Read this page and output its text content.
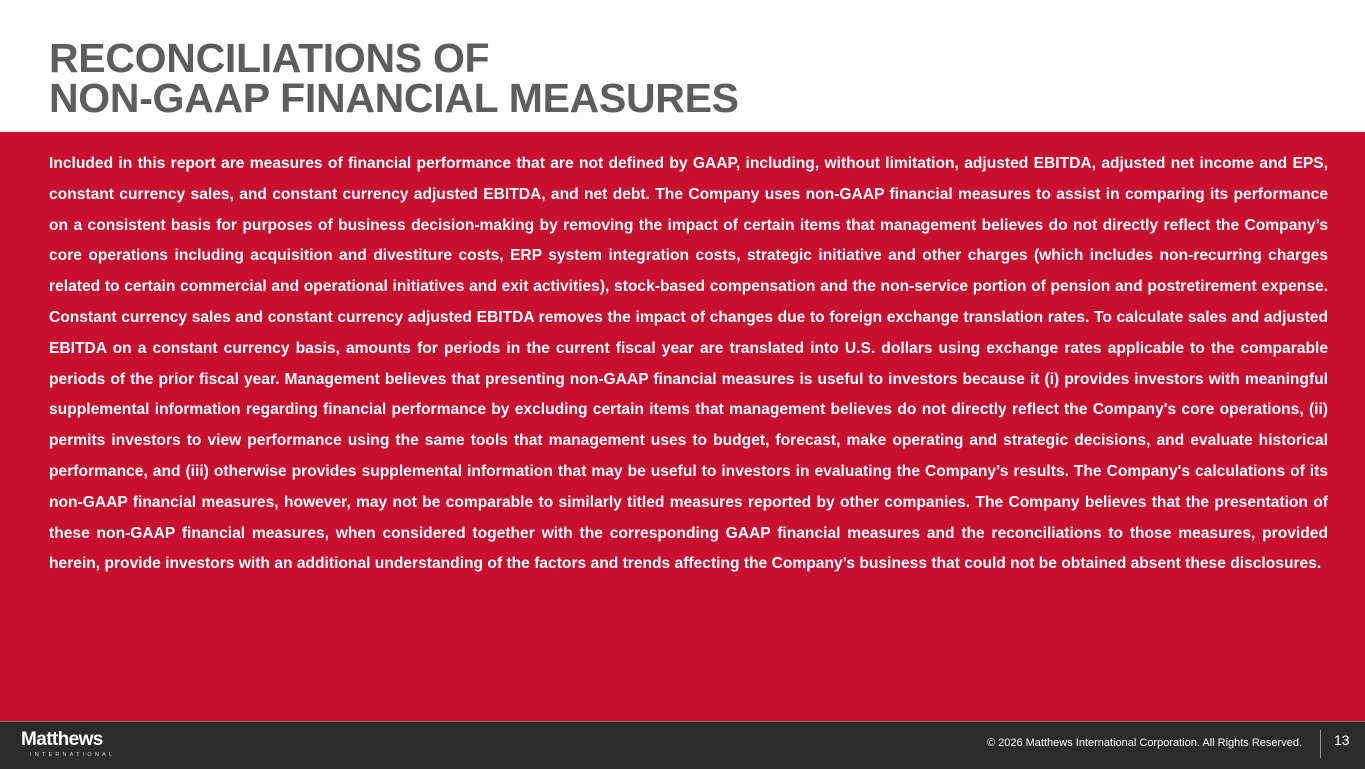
RECONCILIATIONS OF
NON-GAAP FINANCIAL MEASURES

Included in this report are measures of financial performance that are not defined by GAAP, including, without limitation, adjusted EBITDA, adjusted net income and EPS, constant currency sales, and constant currency adjusted EBITDA, and net debt. The Company uses non-GAAP financial measures to assist in comparing its performance on a consistent basis for purposes of business decision-making by removing the impact of certain items that management believes do not directly reflect the Company’s core operations including acquisition and divestiture costs, ERP system integration costs, strategic initiative and other charges (which includes non-recurring charges related to certain commercial and operational initiatives and exit activities), stock-based compensation and the non-service portion of pension and postretirement expense. Constant currency sales and constant currency adjusted EBITDA removes the impact of changes due to foreign exchange translation rates. To calculate sales and adjusted EBITDA on a constant currency basis, amounts for periods in the current fiscal year are translated into U.S. dollars using exchange rates applicable to the comparable periods of the prior fiscal year. Management believes that presenting non-GAAP financial measures is useful to investors because it (i) provides investors with meaningful supplemental information regarding financial performance by excluding certain items that management believes do not directly reflect the Company's core operations, (ii) permits investors to view performance using the same tools that management uses to budget, forecast, make operating and strategic decisions, and evaluate historical performance, and (iii) otherwise provides supplemental information that may be useful to investors in evaluating the Company’s results. The Company's calculations of its non-GAAP financial measures, however, may not be comparable to similarly titled measures reported by other companies. The Company believes that the presentation of these non-GAAP financial measures, when considered together with the corresponding GAAP financial measures and the reconciliations to those measures, provided herein, provide investors with an additional understanding of the factors and trends affecting the Company’s business that could not be obtained absent these disclosures.

Matthews
INTERNATIONAL
© 2026 Matthews International Corporation. All Rights Reserved. 13
